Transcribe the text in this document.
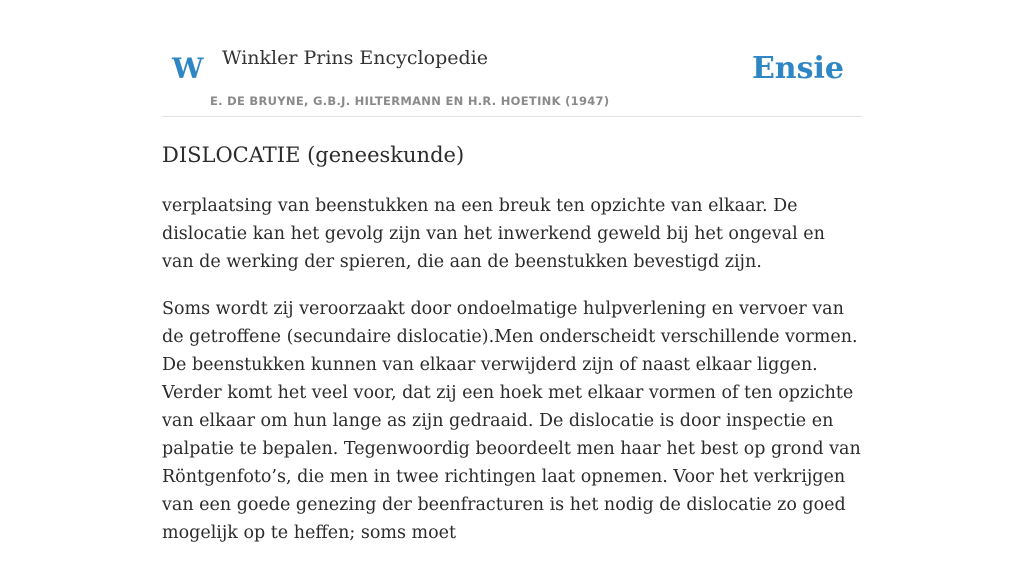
W Winkler Prins Encyclopedie
E. DE BRUYNE, G.B.J. HILTERMANN EN H.R. HOETINK (1947)
Ensie
DISLOCATIE (geneeskunde)

verplaatsing van beenstukken na een breuk ten opzichte van elkaar. De dislocatie kan het gevolg zijn van het inwerkend geweld bij het ongeval en van de werking der spieren, die aan de beenstukken bevestigd zijn.

Soms wordt zij veroorzaakt door ondoelmatige hulpverlening en vervoer van de getroffene (secundaire dislocatie).Men onderscheidt verschillende vormen. De beenstukken kunnen van elkaar verwijderd zijn of naast elkaar liggen. Verder komt het veel voor, dat zij een hoek met elkaar vormen of ten opzichte van elkaar om hun lange as zijn gedraaid. De dislocatie is door inspectie en palpatie te bepalen. Tegenwoordig beoordeelt men haar het best op grond van Röntgenfoto’s, die men in twee richtingen laat opnemen. Voor het verkrijgen van een goede genezing der beenfracturen is het nodig de dislocatie zo goed mogelijk op te heffen; soms moet
